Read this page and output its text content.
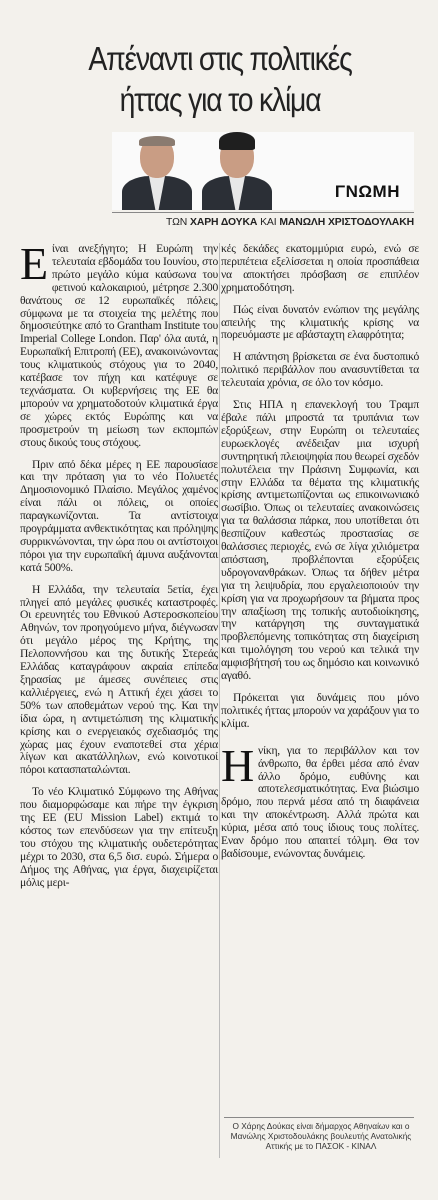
Απέναντι στις πολιτικές
ήττας για το κλίμα
ΓΝΩΜΗ
ΤΩΝ ΧΑΡΗ ΔΟΥΚΑ ΚΑΙ ΜΑΝΩΛΗ ΧΡΙΣΤΟΔΟΥΛΑΚΗ

Είναι ανεξήγητο; Η Ευρώπη την τελευταία εβδομάδα του Ιουνίου, στο πρώτο μεγάλο κύμα καύσωνα του φετινού καλοκαιριού, μέτρησε 2.300 θανάτους σε 12 ευρωπαϊκές πόλεις, σύμφωνα με τα στοιχεία της μελέτης που δημοσιεύτηκε από το Grantham Institute του Imperial College London. Παρ' όλα αυτά, η Ευρωπαϊκή Επιτροπή (ΕΕ), ανακοινώνοντας τους κλιματικούς στόχους για το 2040, κατέβασε τον πήχη και κατέφυγε σε τεχνάσματα. Οι κυβερνήσεις της ΕΕ θα μπορούν να χρηματοδοτούν κλιματικά έργα σε χώρες εκτός Ευρώπης και να προσμετρούν τη μείωση των εκπομπών στους δικούς τους στόχους.

Πριν από δέκα μέρες η ΕΕ παρουσίασε και την πρόταση για το νέο Πολυετές Δημοσιονομικό Πλαίσιο. Μεγάλος χαμένος είναι πάλι οι πόλεις, οι οποίες παραγκωνίζονται. Τα αντίστοιχα προγράμματα ανθεκτικότητας και πρόληψης συρρικνώνονται, την ώρα που οι αντίστοιχοι πόροι για την ευρωπαϊκή άμυνα αυξάνονται κατά 500%.

Η Ελλάδα, την τελευταία 5ετία, έχει πληγεί από μεγάλες φυσικές καταστροφές. Οι ερευνητές του Εθνικού Αστεροσκοπείου Αθηνών, τον προηγούμενο μήνα, διέγνωσαν ότι μεγάλο μέρος της Κρήτης, της Πελοποννήσου και της δυτικής Στερεάς Ελλάδας καταγράφουν ακραία επίπεδα ξηρασίας με άμεσες συνέπειες στις καλλιέργειες, ενώ η Αττική έχει χάσει το 50% των αποθεμάτων νερού της. Και την ίδια ώρα, η αντιμετώπιση της κλιματικής κρίσης και ο ενεργειακός σχεδιασμός της χώρας μας έχουν εναποτεθεί στα χέρια λίγων και ακατάλληλων, ενώ κοινοτικοί πόροι κατασπαταλώνται.

Το νέο Κλιματικό Σύμφωνο της Αθήνας που διαμορφώσαμε και πήρε την έγκριση της ΕΕ (EU Mission Label) εκτιμά το κόστος των επενδύσεων για την επίτευξη του στόχου της κλιματικής ουδετερότητας μέχρι το 2030, στα 6,5 δισ. ευρώ. Σήμερα ο Δήμος της Αθήνας, για έργα, διαχειρίζεται μόλις μερι-

κές δεκάδες εκατομμύρια ευρώ, ενώ σε περιπέτεια εξελίσσεται η οποία προσπάθεια να αποκτήσει πρόσβαση σε επιπλέον χρηματοδότηση.

Πώς είναι δυνατόν ενώπιον της μεγάλης απειλής της κλιματικής κρίσης να πορευόμαστε με αβάσταχτη ελαφρότητα;

Η απάντηση βρίσκεται σε ένα δυστοπικό πολιτικό περιβάλλον που ανασυντίθεται τα τελευταία χρόνια, σε όλο τον κόσμο.

Στις ΗΠΑ η επανεκλογή του Τραμπ έβαλε πάλι μπροστά τα τρυπάνια των εξορύξεων, στην Ευρώπη οι τελευταίες ευρωεκλογές ανέδειξαν μια ισχυρή συντηρητική πλειοψηφία που θεωρεί σχεδόν πολυτέλεια την Πράσινη Συμφωνία, και στην Ελλάδα τα θέματα της κλιματικής κρίσης αντιμετωπίζονται ως επικοινωνιακό σωσίβιο. Όπως οι τελευταίες ανακοινώσεις για τα θαλάσσια πάρκα, που υποτίθεται ότι θεσπίζουν καθεστώς προστασίας σε θαλάσσιες περιοχές, ενώ σε λίγα χιλιόμετρα απόσταση, προβλέπονται εξορύξεις υδρογονανθράκων. Όπως τα δήθεν μέτρα για τη λειψυδρία, που εργαλειοποιούν την κρίση για να προχωρήσουν τα βήματα προς την απαξίωση της τοπικής αυτοδιοίκησης, την κατάργηση της συνταγματικά προβλεπόμενης τοπικότητας στη διαχείριση και τιμολόγηση του νερού και τελικά την αμφισβήτησή του ως δημόσιο και κοινωνικό αγαθό.

Πρόκειται για δυνάμεις που μόνο πολιτικές ήττας μπορούν να χαράξουν για το κλίμα.

Ηνίκη, για το περιβάλλον και τον άνθρωπο, θα έρθει μέσα από έναν άλλο δρόμο, ευθύνης και αποτελεσματικότητας. Ενα βιώσιμο δρόμο, που περνά μέσα από τη διαφάνεια και την αποκέντρωση. Αλλά πρώτα και κύρια, μέσα από τους ίδιους τους πολίτες. Εναν δρόμο που απαιτεί τόλμη. Θα τον βαδίσουμε, ενώνοντας δυνάμεις.

Ο Χάρης Δούκας είναι δήμαρχος Αθηναίων και ο Μανώλης Χριστοδουλάκης βουλευτής Ανατολικής Αττικής με το ΠΑΣΟΚ - ΚΙΝΑΛ
